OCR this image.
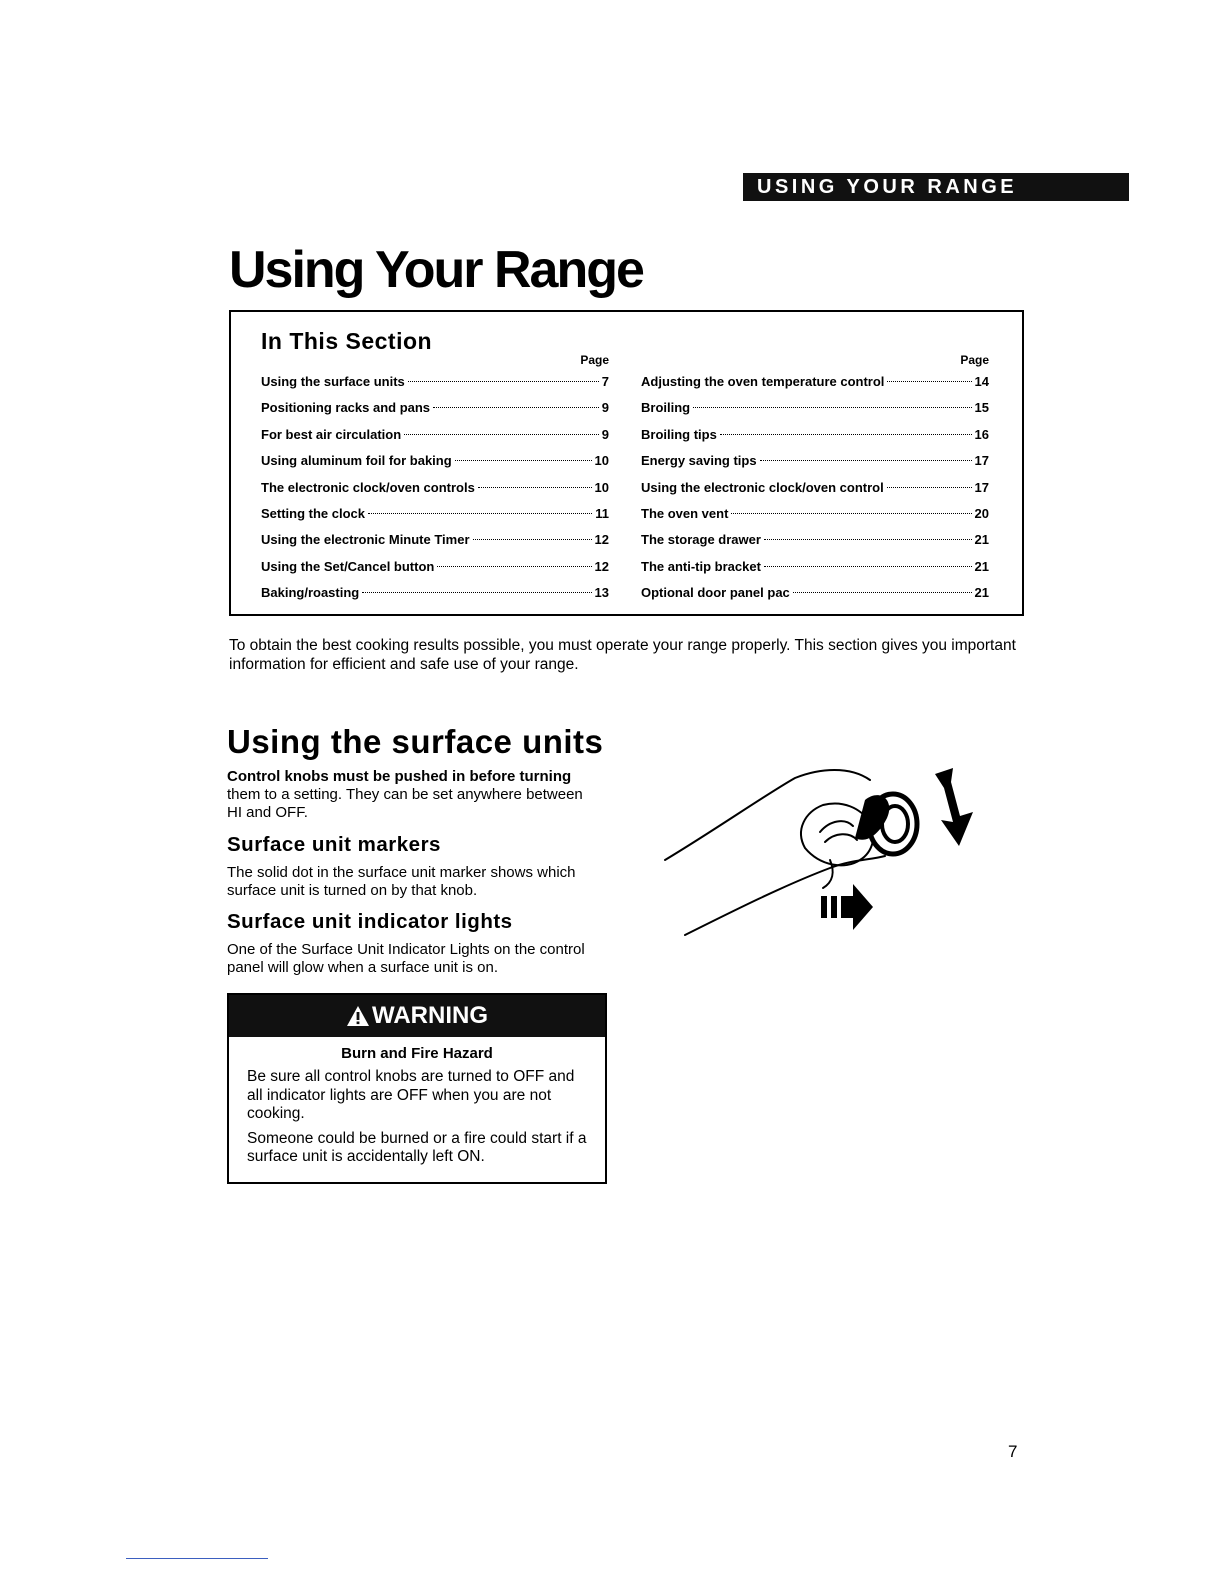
USING YOUR RANGE
Using Your Range
In This Section
Page
Using the surface units	7
Positioning racks and pans	9
For best air circulation	9
Using aluminum foil for baking	10
The electronic clock/oven controls	10
Setting the clock	11
Using the electronic Minute Timer	12
Using the Set/Cancel button	12
Baking/roasting	13
Page
Adjusting the oven temperature control	14
Broiling	15
Broiling tips	16
Energy saving tips	17
Using the electronic clock/oven control	17
The oven vent	20
The storage drawer	21
The anti-tip bracket	21
Optional door panel pac	21

To obtain the best cooking results possible, you must operate your range properly. This section gives you important information for efficient and safe use of your range.

Using the surface units

Control knobs must be pushed in before turning them to a setting. They can be set anywhere between HI and OFF.

Surface unit markers

The solid dot in the surface unit marker shows which surface unit is turned on by that knob.

Surface unit indicator lights

One of the Surface Unit Indicator Lights on the control panel will glow when a surface unit is on.

WARNING
Burn and Fire Hazard

Be sure all control knobs are turned to OFF and all indicator lights are OFF when you are not cooking.

Someone could be burned or a fire could start if a surface unit is accidentally left ON.

7
